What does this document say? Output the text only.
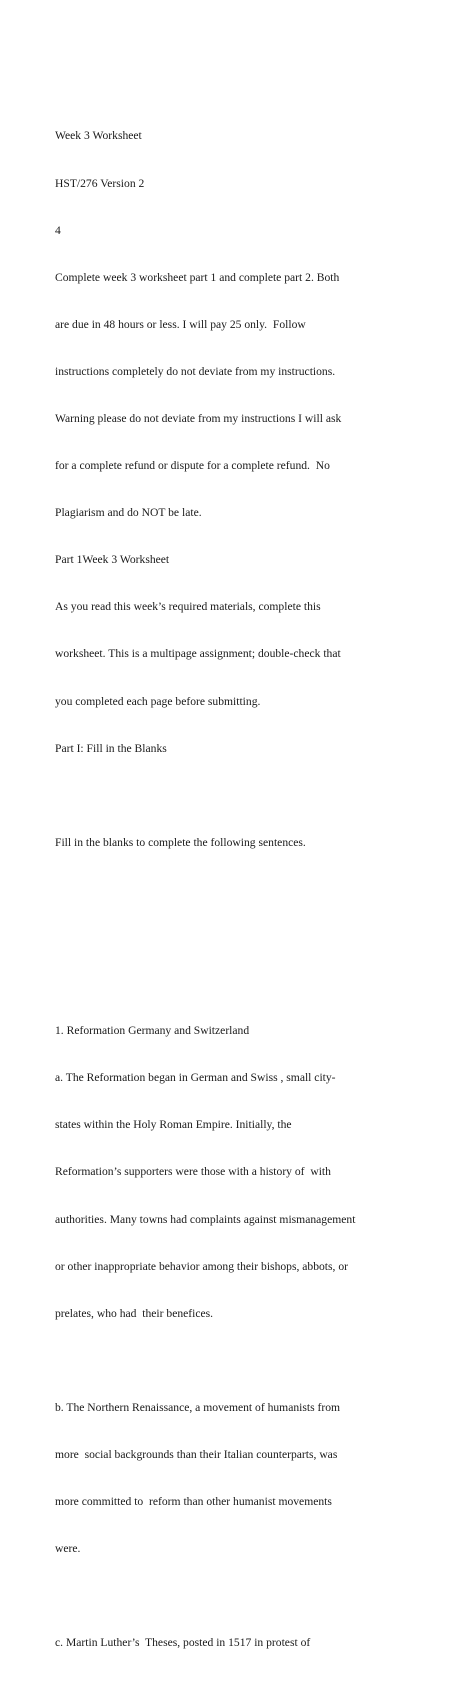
Week 3 Worksheet

HST/276 Version 2

4

Complete week 3 worksheet part 1 and complete part 2. Both

are due in 48 hours or less. I will pay 25 only.  Follow

instructions completely do not deviate from my instructions.

Warning please do not deviate from my instructions I will ask

for a complete refund or dispute for a complete refund.  No

Plagiarism and do NOT be late.

Part 1Week 3 Worksheet

As you read this week’s required materials, complete this

worksheet. This is a multipage assignment; double-check that

you completed each page before submitting.

Part I: Fill in the Blanks

Fill in the blanks to complete the following sentences.

1. Reformation Germany and Switzerland

a. The Reformation began in German and Swiss , small city-

states within the Holy Roman Empire. Initially, the

Reformation’s supporters were those with a history of  with

authorities. Many towns had complaints against mismanagement

or other inappropriate behavior among their bishops, abbots, or

prelates, who had  their benefices.

b. The Northern Renaissance, a movement of humanists from

more  social backgrounds than their Italian counterparts, was

more committed to  reform than other humanist movements

were.

c. Martin Luther’s  Theses, posted in 1517 in protest of
